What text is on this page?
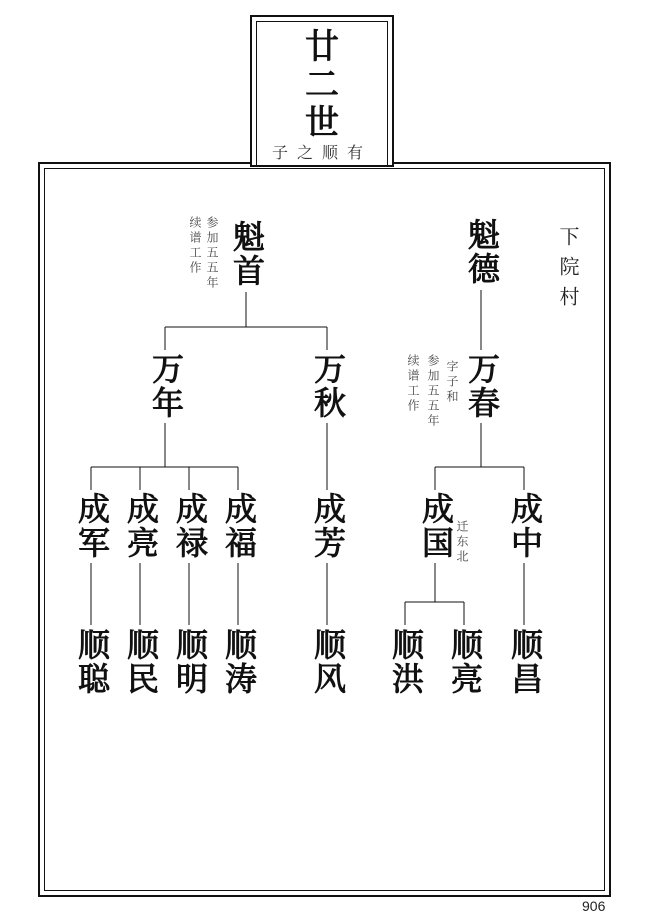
廿
二
世
子之顺有
下院村
魁首	魁德
参加五五年
续谱工作
万年	万秋	万春
字子和
参加五五年
续谱工作
成军 成亮 成禄 成福 成芳 成国 成中
迁东北
顺聪 顺民 顺明 顺涛 顺风 顺洪 顺亮 顺昌
906
